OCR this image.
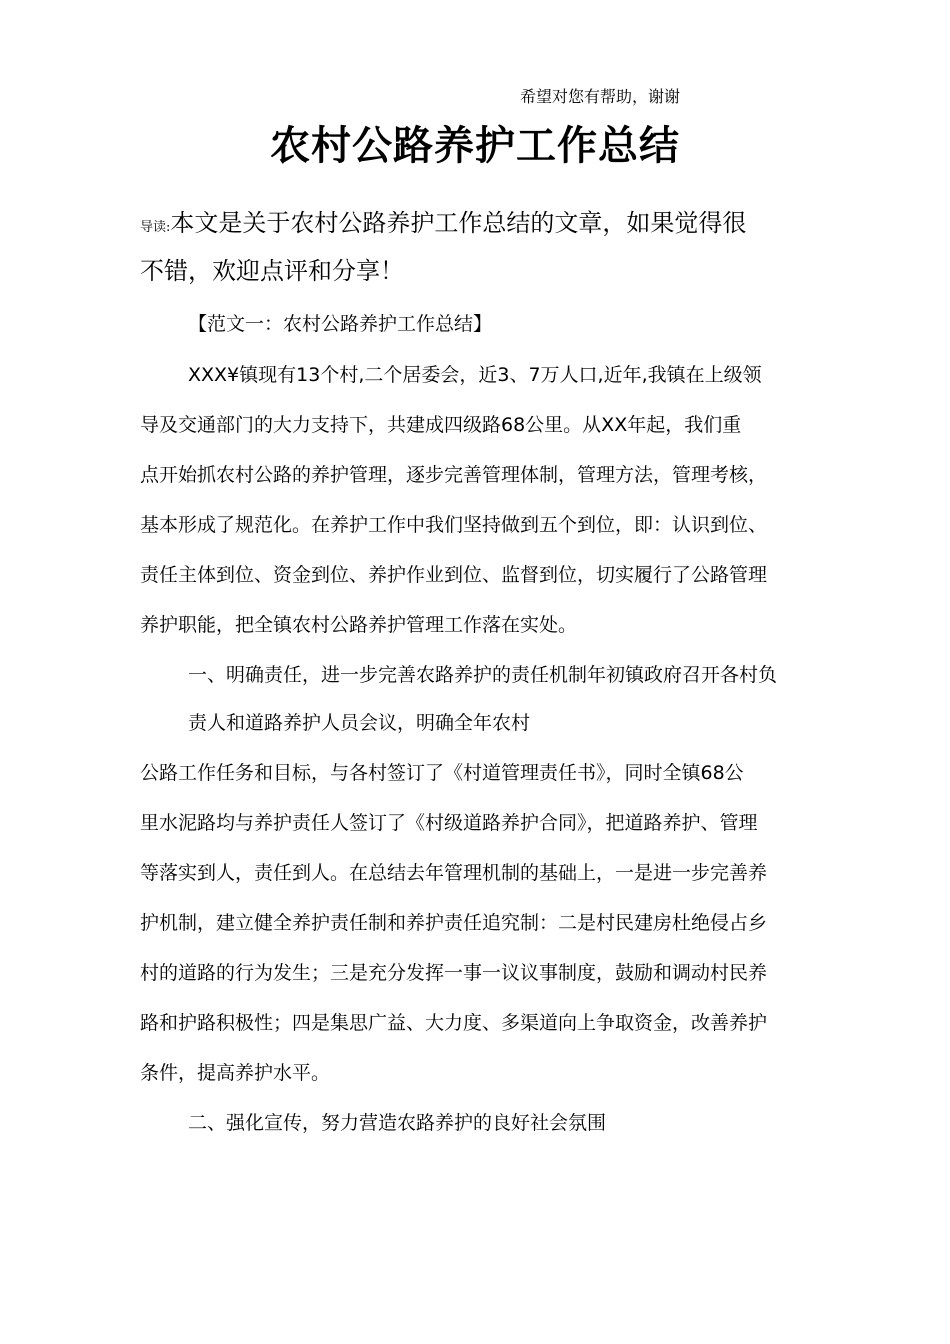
希望对您有帮助，谢谢
农村公路养护工作总结
导读:本文是关于农村公路养护工作总结的文章，如果觉得很
不错，欢迎点评和分享！
【范文一：农村公路养护工作总结】
XXX¥镇现有13个村,二个居委会，近3、7万人口,近年,我镇在上级领
导及交通部门的大力支持下，共建成四级路68公里。从XX年起，我们重
点开始抓农村公路的养护管理，逐步完善管理体制，管理方法，管理考核，
基本形成了规范化。在养护工作中我们坚持做到五个到位，即：认识到位、
责任主体到位、资金到位、养护作业到位、监督到位，切实履行了公路管理
养护职能，把全镇农村公路养护管理工作落在实处。
一、明确责任，进一步完善农路养护的责任机制年初镇政府召开各村负
责人和道路养护人员会议，明确全年农村
公路工作任务和目标，与各村签订了《村道管理责任书》，同时全镇68公
里水泥路均与养护责任人签订了《村级道路养护合同》，把道路养护、管理
等落实到人，责任到人。在总结去年管理机制的基础上，一是进一步完善养
护机制，建立健全养护责任制和养护责任追究制：二是村民建房杜绝侵占乡
村的道路的行为发生；三是充分发挥一事一议议事制度，鼓励和调动村民养
路和护路积极性；四是集思广益、大力度、多渠道向上争取资金，改善养护
条件，提高养护水平。
二、强化宣传，努力营造农路养护的良好社会氛围
